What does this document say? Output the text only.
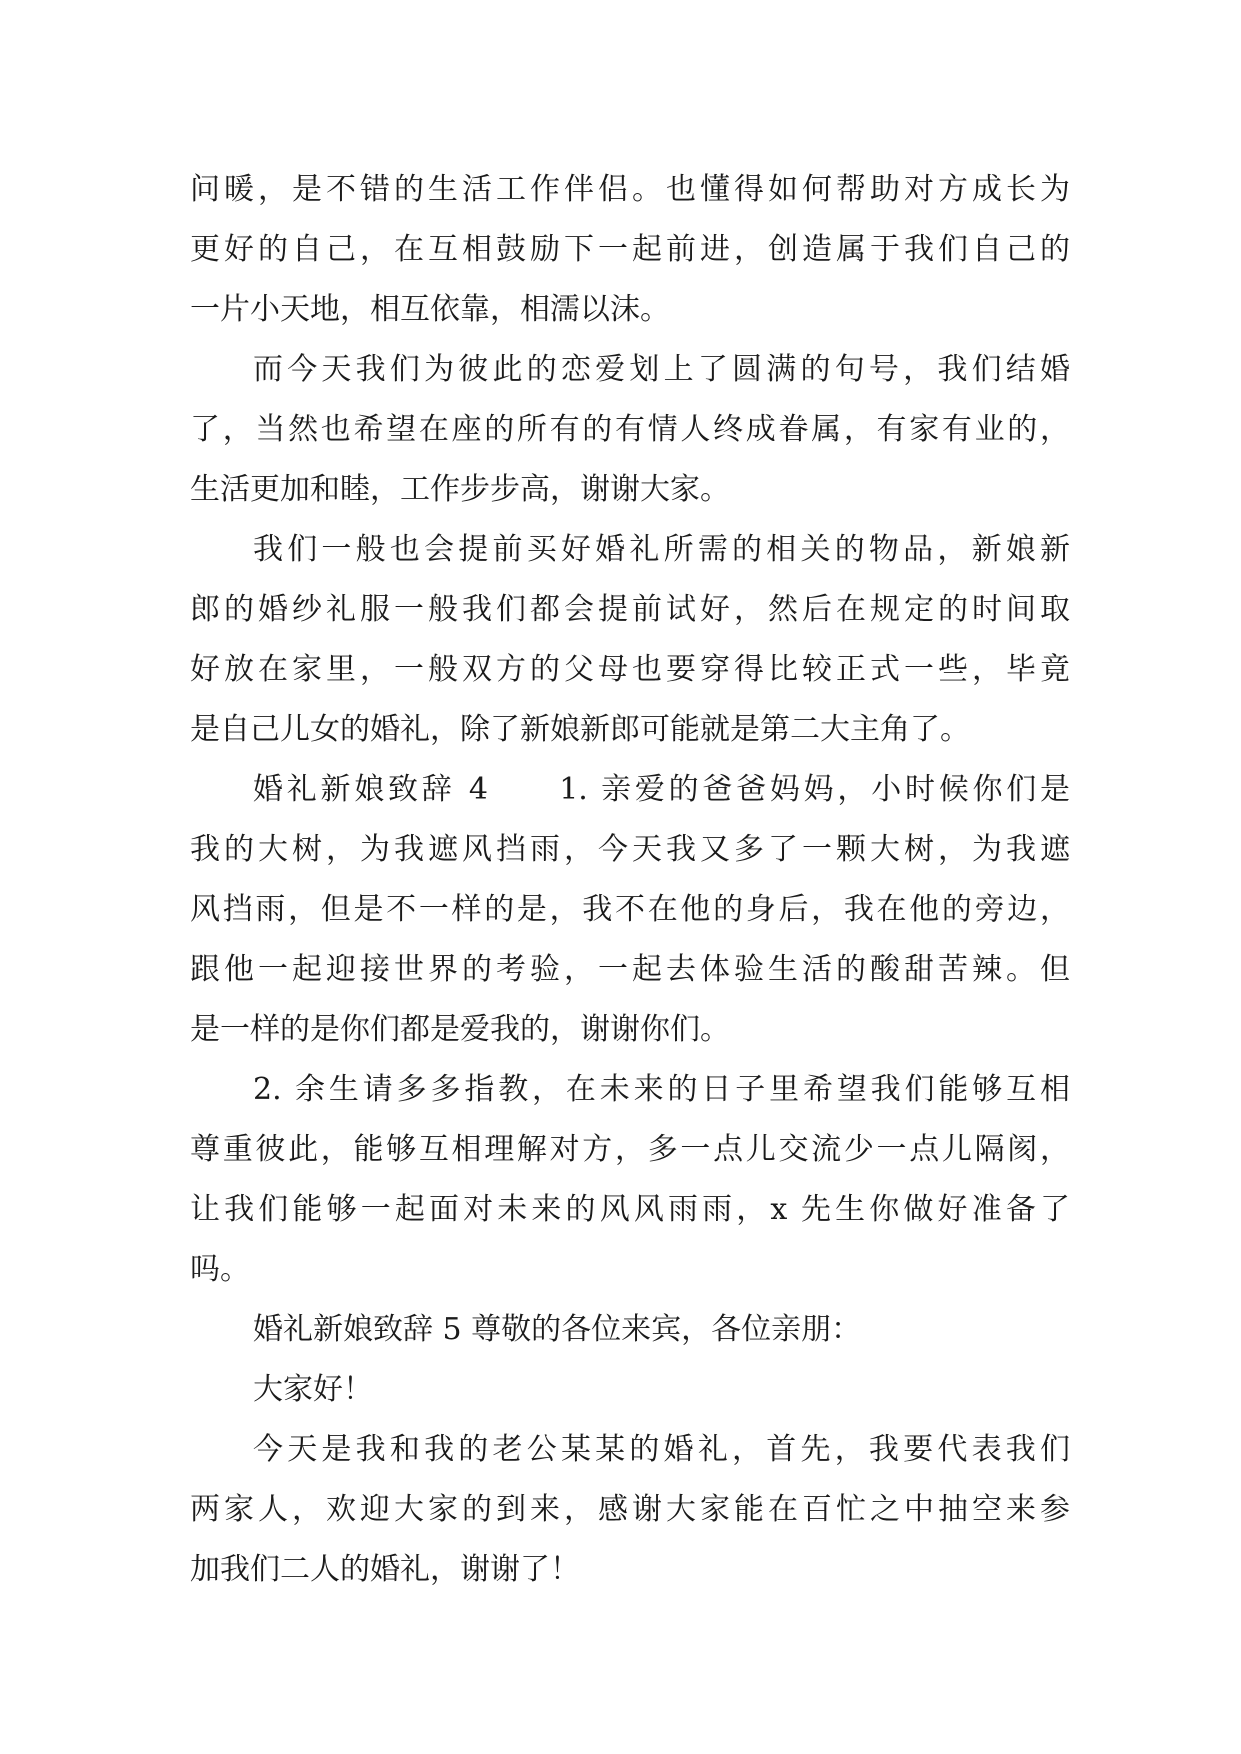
问暖，是不错的生活工作伴侣。也懂得如何帮助对方成长为
更好的自己，在互相鼓励下一起前进，创造属于我们自己的
一片小天地，相互依靠，相濡以沫。
而今天我们为彼此的恋爱划上了圆满的句号，我们结婚
了，当然也希望在座的所有的有情人终成眷属，有家有业的，
生活更加和睦，工作步步高，谢谢大家。
我们一般也会提前买好婚礼所需的相关的物品，新娘新
郎的婚纱礼服一般我们都会提前试好，然后在规定的时间取
好放在家里，一般双方的父母也要穿得比较正式一些，毕竟
是自己儿女的婚礼，除了新娘新郎可能就是第二大主角了。
婚礼新娘致辞 4　　1. 亲爱的爸爸妈妈，小时候你们是
我的大树，为我遮风挡雨，今天我又多了一颗大树，为我遮
风挡雨，但是不一样的是，我不在他的身后，我在他的旁边，
跟他一起迎接世界的考验，一起去体验生活的酸甜苦辣。但
是一样的是你们都是爱我的，谢谢你们。
2. 余生请多多指教，在未来的日子里希望我们能够互相
尊重彼此，能够互相理解对方，多一点儿交流少一点儿隔阂，
让我们能够一起面对未来的风风雨雨，x 先生你做好准备了
吗。
婚礼新娘致辞 5 尊敬的各位来宾，各位亲朋：
大家好！
今天是我和我的老公某某的婚礼，首先，我要代表我们
两家人，欢迎大家的到来，感谢大家能在百忙之中抽空来参
加我们二人的婚礼，谢谢了！
